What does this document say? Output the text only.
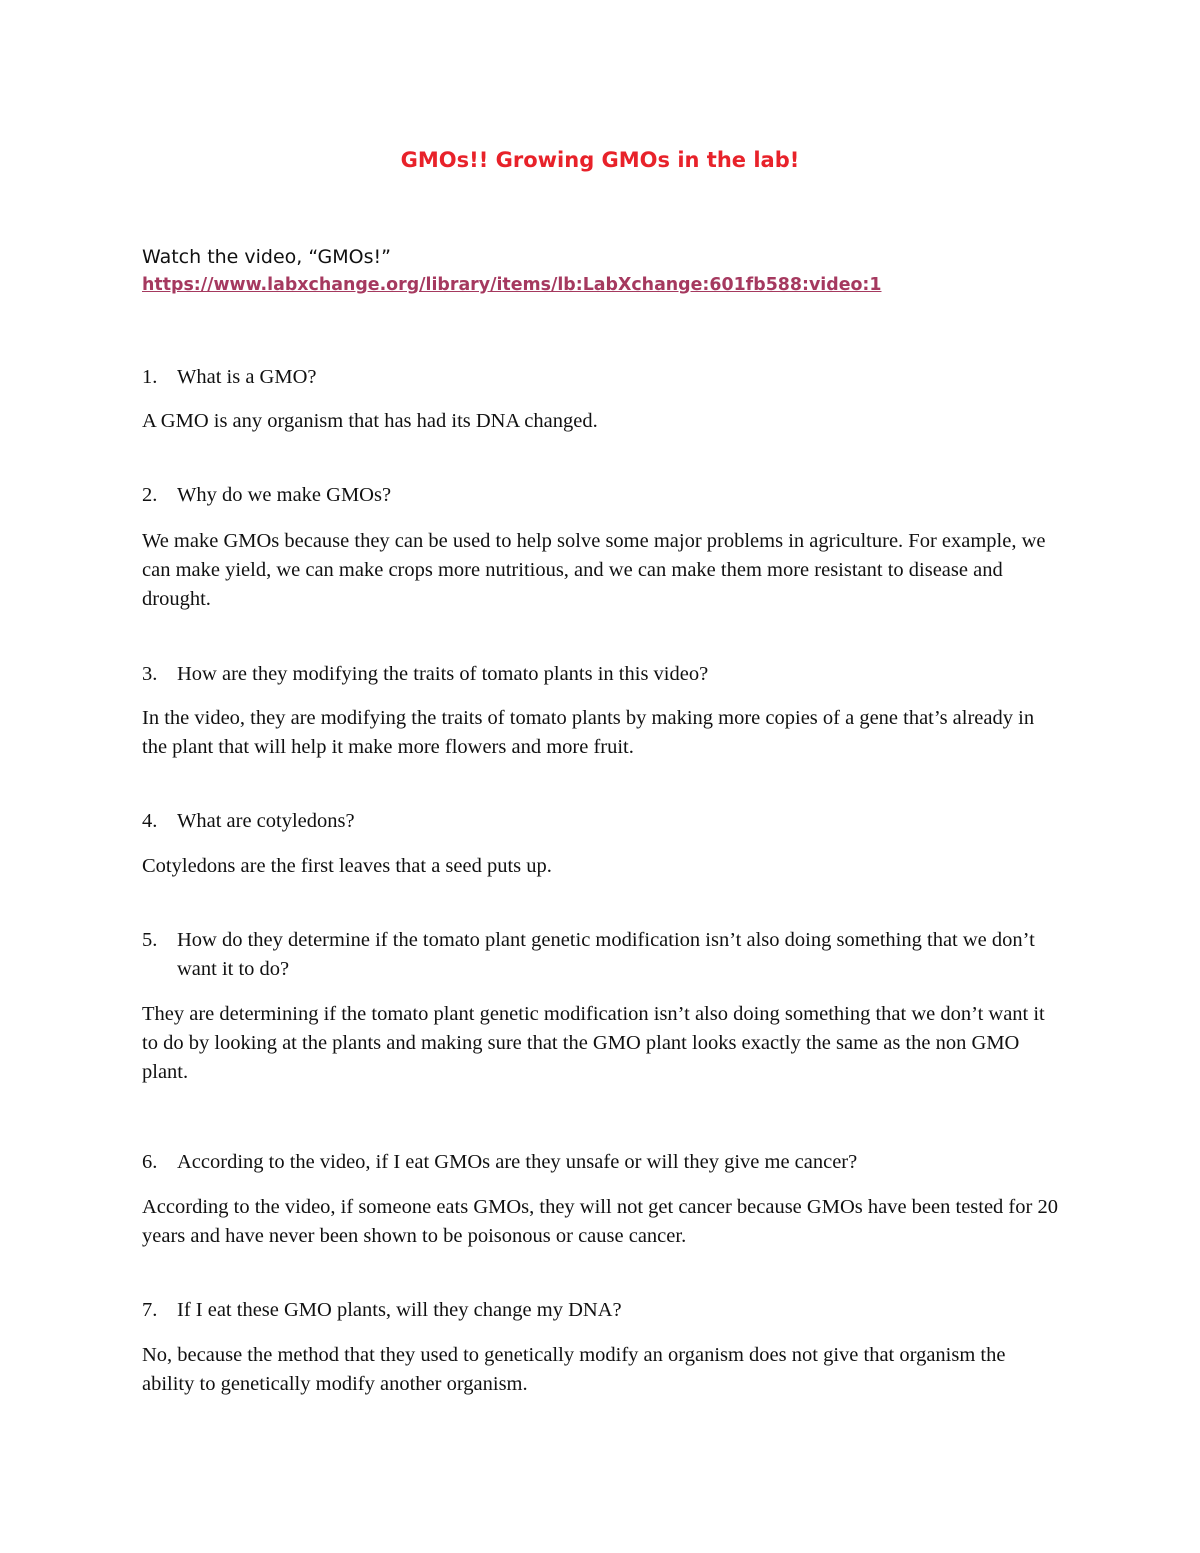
GMOs!! Growing GMOs in the lab!
Watch the video, “GMOs!”
https://www.labxchange.org/library/items/lb:LabXchange:601fb588:video:1
1. What is a GMO?
A GMO is any organism that has had its DNA changed.
2. Why do we make GMOs?
We make GMOs because they can be used to help solve some major problems in agriculture. For example, we can make yield, we can make crops more nutritious, and we can make them more resistant to disease and drought.
3. How are they modifying the traits of tomato plants in this video?
In the video, they are modifying the traits of tomato plants by making more copies of a gene that’s already in the plant that will help it make more flowers and more fruit.
4. What are cotyledons?
Cotyledons are the first leaves that a seed puts up.
5. How do they determine if the tomato plant genetic modification isn’t also doing something that we don’t want it to do?
They are determining if the tomato plant genetic modification isn’t also doing something that we don’t want it to do by looking at the plants and making sure that the GMO plant looks exactly the same as the non GMO plant.
6. According to the video, if I eat GMOs are they unsafe or will they give me cancer?
According to the video, if someone eats GMOs, they will not get cancer because GMOs have been tested for 20 years and have never been shown to be poisonous or cause cancer.
7. If I eat these GMO plants, will they change my DNA?
No, because the method that they used to genetically modify an organism does not give that organism the ability to genetically modify another organism.
